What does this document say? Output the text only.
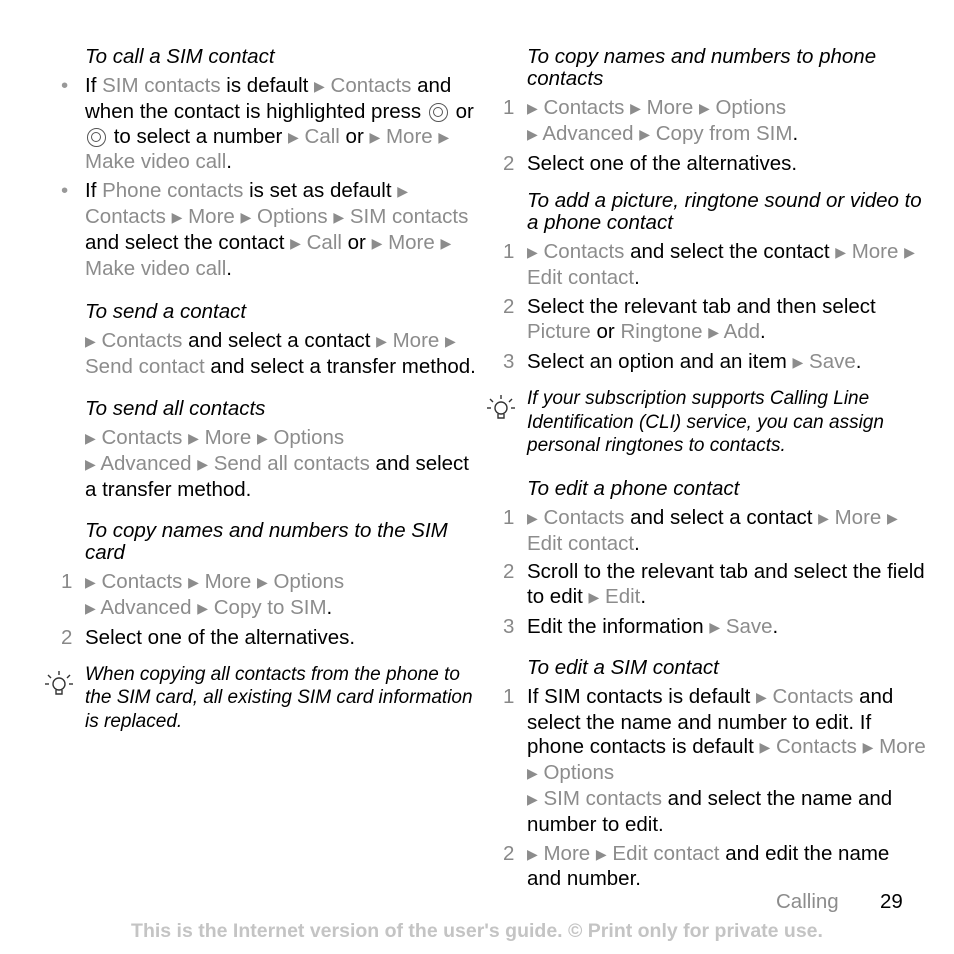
To call a SIM contact

• If SIM contacts is default ▶ Contacts and when the contact is highlighted press  or  to select a number ▶ Call or ▶ More ▶ Make video call.
• If Phone contacts is set as default ▶ Contacts ▶ More ▶ Options ▶ SIM contacts and select the contact ▶ Call or ▶ More ▶ Make video call.

To send a contact

▶ Contacts and select a contact ▶ More ▶ Send contact and select a transfer method.

To send all contacts

▶ Contacts ▶ More ▶ Options
▶ Advanced ▶ Send all contacts and select a transfer method.

To copy names and numbers to the SIM card

1 ▶ Contacts ▶ More ▶ Options
▶ Advanced ▶ Copy to SIM.
2 Select one of the alternatives.
When copying all contacts from the phone to the SIM card, all existing SIM card information is replaced.

To copy names and numbers to phone contacts

1 ▶ Contacts ▶ More ▶ Options
▶ Advanced ▶ Copy from SIM.
2 Select one of the alternatives.

To add a picture, ringtone sound or video to a phone contact

1 ▶ Contacts and select the contact ▶ More ▶ Edit contact.
2 Select the relevant tab and then select Picture or Ringtone ▶ Add.
3 Select an option and an item ▶ Save.
If your subscription supports Calling Line Identification (CLI) service, you can assign personal ringtones to contacts.

To edit a phone contact

1 ▶ Contacts and select a contact ▶ More ▶ Edit contact.
2 Scroll to the relevant tab and select the field to edit ▶ Edit.
3 Edit the information ▶ Save.

To edit a SIM contact

1 If SIM contacts is default ▶ Contacts and select the name and number to edit. If phone contacts is default ▶ Contacts ▶ More ▶ Options
▶ SIM contacts and select the name and number to edit.
2 ▶ More ▶ Edit contact and edit the name and number.
Calling 29
This is the Internet version of the user's guide. © Print only for private use.
